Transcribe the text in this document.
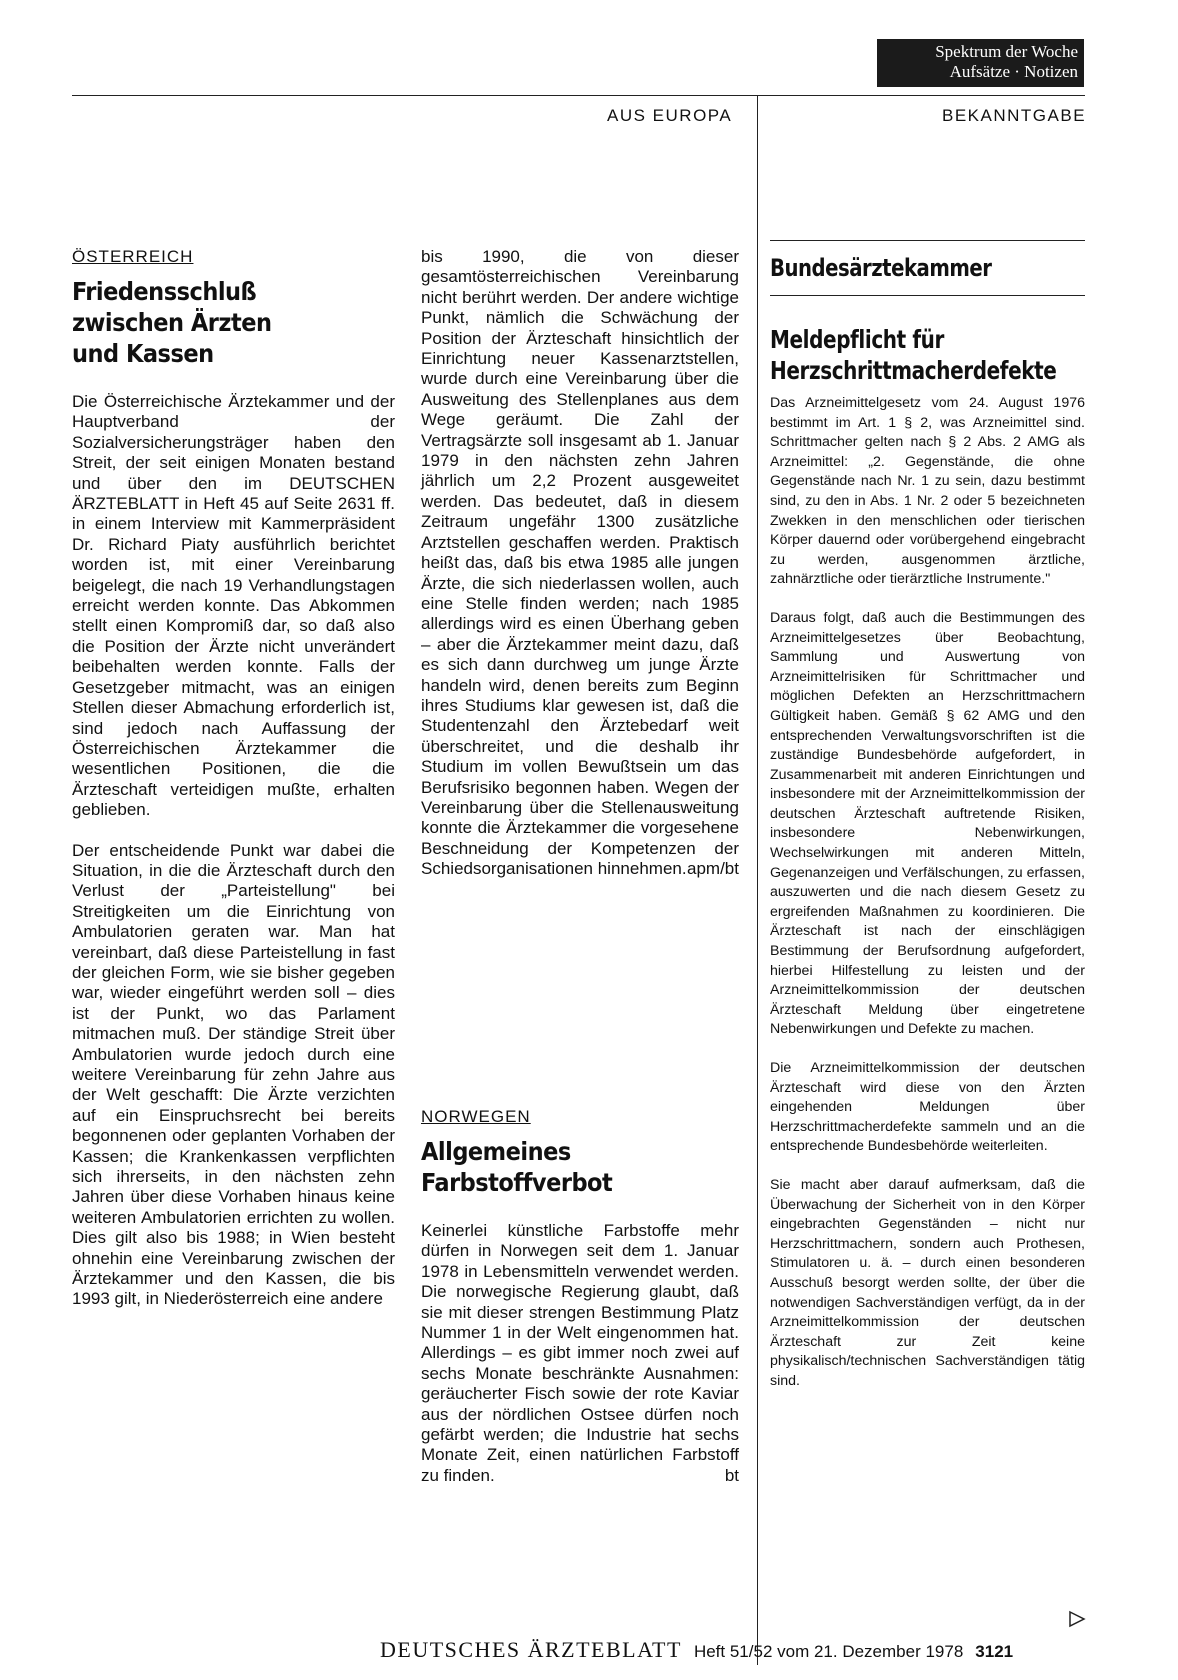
Spektrum der Woche
Aufsätze · Notizen
AUS EUROPA	BEKANNTGABE
ÖSTERREICH
Friedensschluß
zwischen Ärzten
und Kassen

Die Österreichische Ärztekammer und der Hauptverband der Sozialversicherungsträger haben den Streit, der seit einigen Monaten bestand und über den im DEUTSCHEN ÄRZTEBLATT in Heft 45 auf Seite 2631 ff. in einem Interview mit Kammerpräsident Dr. Richard Piaty ausführlich berichtet worden ist, mit einer Vereinbarung beigelegt, die nach 19 Verhandlungstagen erreicht werden konnte. Das Abkommen stellt einen Kompromiß dar, so daß also die Position der Ärzte nicht unverändert beibehalten werden konnte. Falls der Gesetzgeber mitmacht, was an einigen Stellen dieser Abmachung erforderlich ist, sind jedoch nach Auffassung der Österreichischen Ärztekammer die wesentlichen Positionen, die die Ärzteschaft verteidigen mußte, erhalten geblieben.

Der entscheidende Punkt war dabei die Situation, in die die Ärzteschaft durch den Verlust der „Parteistellung" bei Streitigkeiten um die Einrichtung von Ambulatorien geraten war. Man hat vereinbart, daß diese Parteistellung in fast der gleichen Form, wie sie bisher gegeben war, wieder eingeführt werden soll – dies ist der Punkt, wo das Parlament mitmachen muß. Der ständige Streit über Ambulatorien wurde jedoch durch eine weitere Vereinbarung für zehn Jahre aus der Welt geschafft: Die Ärzte verzichten auf ein Einspruchsrecht bei bereits begonnenen oder geplanten Vorhaben der Kassen; die Krankenkassen verpflichten sich ihrerseits, in den nächsten zehn Jahren über diese Vorhaben hinaus keine weiteren Ambulatorien errichten zu wollen. Dies gilt also bis 1988; in Wien besteht ohnehin eine Vereinbarung zwischen der Ärztekammer und den Kassen, die bis 1993 gilt, in Niederösterreich eine andere

bis 1990, die von dieser gesamtösterreichischen Vereinbarung nicht berührt werden. Der andere wichtige Punkt, nämlich die Schwächung der Position der Ärzteschaft hinsichtlich der Einrichtung neuer Kassenarztstellen, wurde durch eine Vereinbarung über die Ausweitung des Stellenplanes aus dem Wege geräumt. Die Zahl der Vertragsärzte soll insgesamt ab 1. Januar 1979 in den nächsten zehn Jahren jährlich um 2,2 Prozent ausgeweitet werden. Das bedeutet, daß in diesem Zeitraum ungefähr 1300 zusätzliche Arztstellen geschaffen werden. Praktisch heißt das, daß bis etwa 1985 alle jungen Ärzte, die sich niederlassen wollen, auch eine Stelle finden werden; nach 1985 allerdings wird es einen Überhang geben – aber die Ärztekammer meint dazu, daß es sich dann durchweg um junge Ärzte handeln wird, denen bereits zum Beginn ihres Studiums klar gewesen ist, daß die Studentenzahl den Ärztebedarf weit überschreitet, und die deshalb ihr Studium im vollen Bewußtsein um das Berufsrisiko begonnen haben. Wegen der Vereinbarung über die Stellenausweitung konnte die Ärztekammer die vorgesehene Beschneidung der Kompetenzen der Schiedsorganisationen hinnehmen. apm/bt

NORWEGEN
Allgemeines
Farbstoffverbot

Keinerlei künstliche Farbstoffe mehr dürfen in Norwegen seit dem 1. Januar 1978 in Lebensmitteln verwendet werden. Die norwegische Regierung glaubt, daß sie mit dieser strengen Bestimmung Platz Nummer 1 in der Welt eingenommen hat. Allerdings – es gibt immer noch zwei auf sechs Monate beschränkte Ausnahmen: geräucherter Fisch sowie der rote Kaviar aus der nördlichen Ostsee dürfen noch gefärbt werden; die Industrie hat sechs Monate Zeit, einen natürlichen Farbstoff zu finden.	bt

Bundesärztekammer
Meldepflicht für
Herzschrittmacherdefekte

Das Arzneimittelgesetz vom 24. August 1976 bestimmt im Art. 1 § 2, was Arzneimittel sind. Schrittmacher gelten nach § 2 Abs. 2 AMG als Arzneimittel: „2. Gegenstände, die ohne Gegenstände nach Nr. 1 zu sein, dazu bestimmt sind, zu den in Abs. 1 Nr. 2 oder 5 bezeichneten Zwekken in den menschlichen oder tierischen Körper dauernd oder vorübergehend eingebracht zu werden, ausgenommen ärztliche, zahnärztliche oder tierärztliche Instrumente."

Daraus folgt, daß auch die Bestimmungen des Arzneimittelgesetzes über Beobachtung, Sammlung und Auswertung von Arzneimittelrisiken für Schrittmacher und möglichen Defekten an Herzschrittmachern Gültigkeit haben. Gemäß § 62 AMG und den entsprechenden Verwaltungsvorschriften ist die zuständige Bundesbehörde aufgefordert, in Zusammenarbeit mit anderen Einrichtungen und insbesondere mit der Arzneimittelkommission der deutschen Ärzteschaft auftretende Risiken, insbesondere Nebenwirkungen, Wechselwirkungen mit anderen Mitteln, Gegenanzeigen und Verfälschungen, zu erfassen, auszuwerten und die nach diesem Gesetz zu ergreifenden Maßnahmen zu koordinieren. Die Ärzteschaft ist nach der einschlägigen Bestimmung der Berufsordnung aufgefordert, hierbei Hilfestellung zu leisten und der Arzneimittelkommission der deutschen Ärzteschaft Meldung über eingetretene Nebenwirkungen und Defekte zu machen.

Die Arzneimittelkommission der deutschen Ärzteschaft wird diese von den Ärzten eingehenden Meldungen über Herzschrittmacherdefekte sammeln und an die entsprechende Bundesbehörde weiterleiten.

Sie macht aber darauf aufmerksam, daß die Überwachung der Sicherheit von in den Körper eingebrachten Gegenständen – nicht nur Herzschrittmachern, sondern auch Prothesen, Stimulatoren u. ä. – durch einen besonderen Ausschuß besorgt werden sollte, der über die notwendigen Sachverständigen verfügt, da in der Arzneimittelkommission der deutschen Ärzteschaft zur Zeit keine physikalisch/technischen Sachverständigen tätig sind.

DEUTSCHES ÄRZTEBLATT Heft 51/52 vom 21. Dezember 1978 3121
